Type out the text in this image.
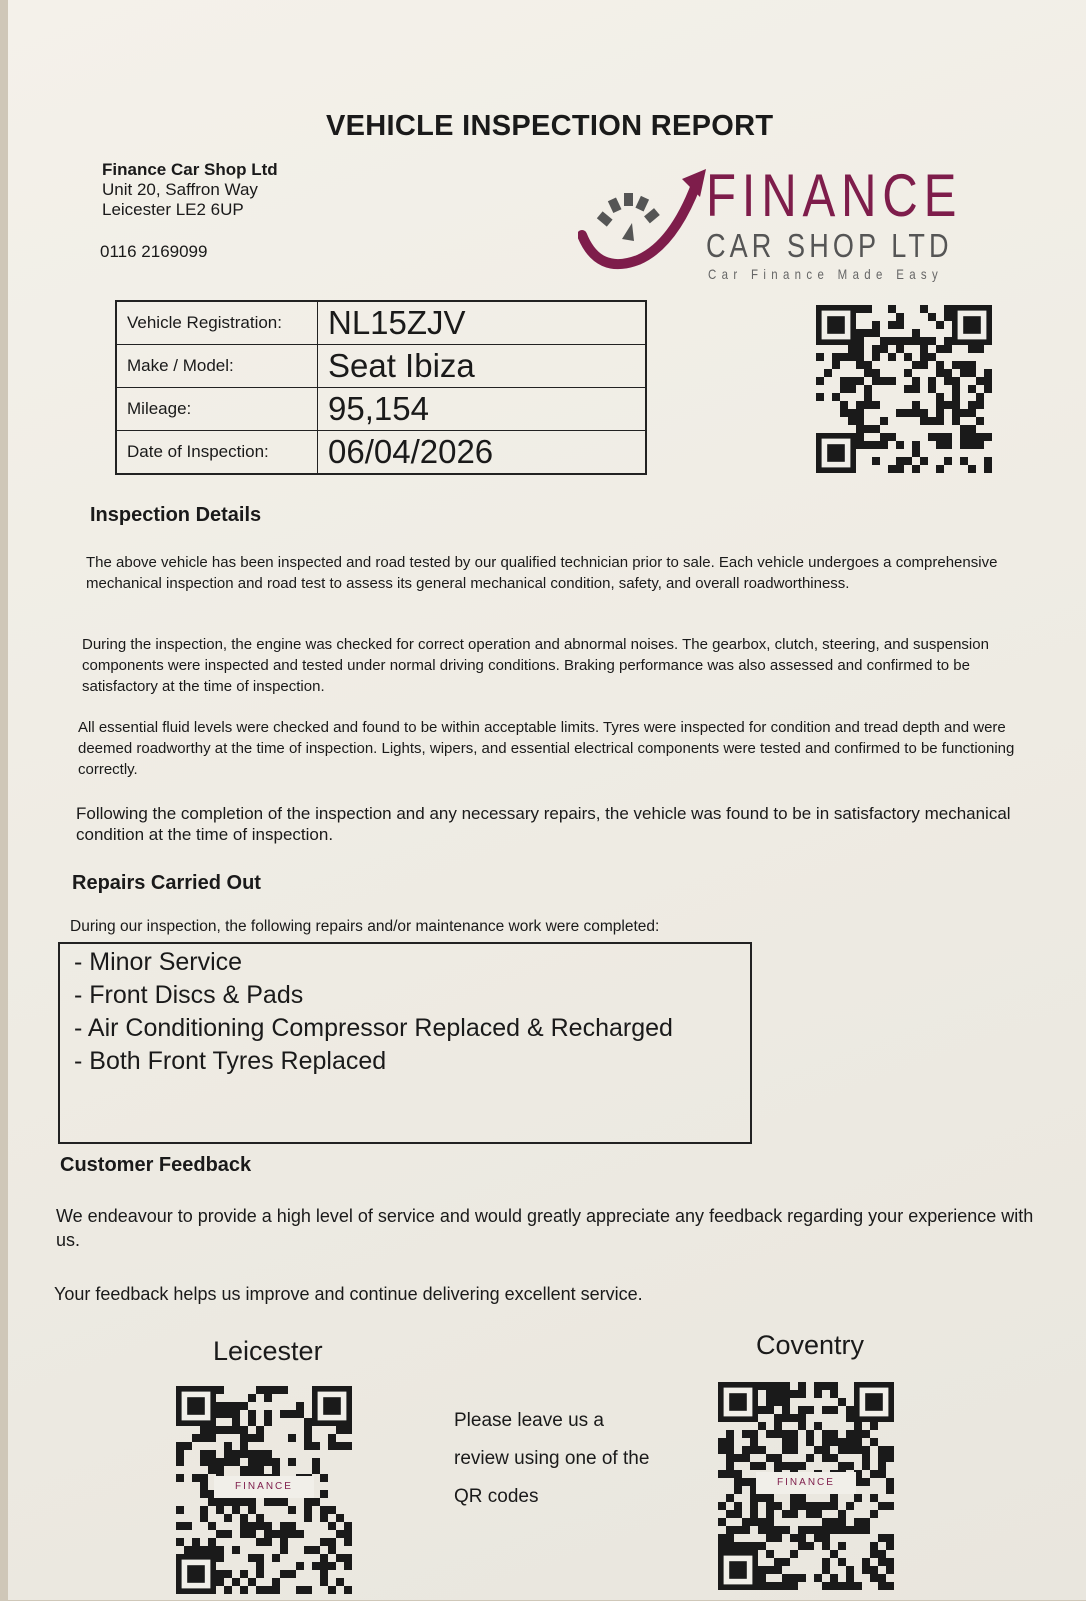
VEHICLE INSPECTION REPORT
Finance Car Shop Ltd
Unit 20, Saffron Way
Leicester LE2 6UP
0116 2169099
FINANCE
CAR SHOP LTD
Car Finance Made Easy
Vehicle Registration:	NL15ZJV
Make / Model:	Seat Ibiza
Mileage:	95,154
Date of Inspection:	06/04/2026
Inspection Details
The above vehicle has been inspected and road tested by our qualified technician prior to sale. Each vehicle undergoes a comprehensive mechanical inspection and road test to assess its general mechanical condition, safety, and overall roadworthiness.
During the inspection, the engine was checked for correct operation and abnormal noises. The gearbox, clutch, steering, and suspension components were inspected and tested under normal driving conditions. Braking performance was also assessed and confirmed to be satisfactory at the time of inspection.
All essential fluid levels were checked and found to be within acceptable limits. Tyres were inspected for condition and tread depth and were deemed roadworthy at the time of inspection. Lights, wipers, and essential electrical components were tested and confirmed to be functioning correctly.
Following the completion of the inspection and any necessary repairs, the vehicle was found to be in satisfactory mechanical condition at the time of inspection.
Repairs Carried Out
During our inspection, the following repairs and/or maintenance work were completed:
- Minor Service
- Front Discs & Pads
- Air Conditioning Compressor Replaced & Recharged
- Both Front Tyres Replaced
Customer Feedback
We endeavour to provide a high level of service and would greatly appreciate any feedback regarding your experience with us.
Your feedback helps us improve and continue delivering excellent service.
Leicester	Coventry
FINANCE
Please leave us a review using one of the QR codes
FINANCE
